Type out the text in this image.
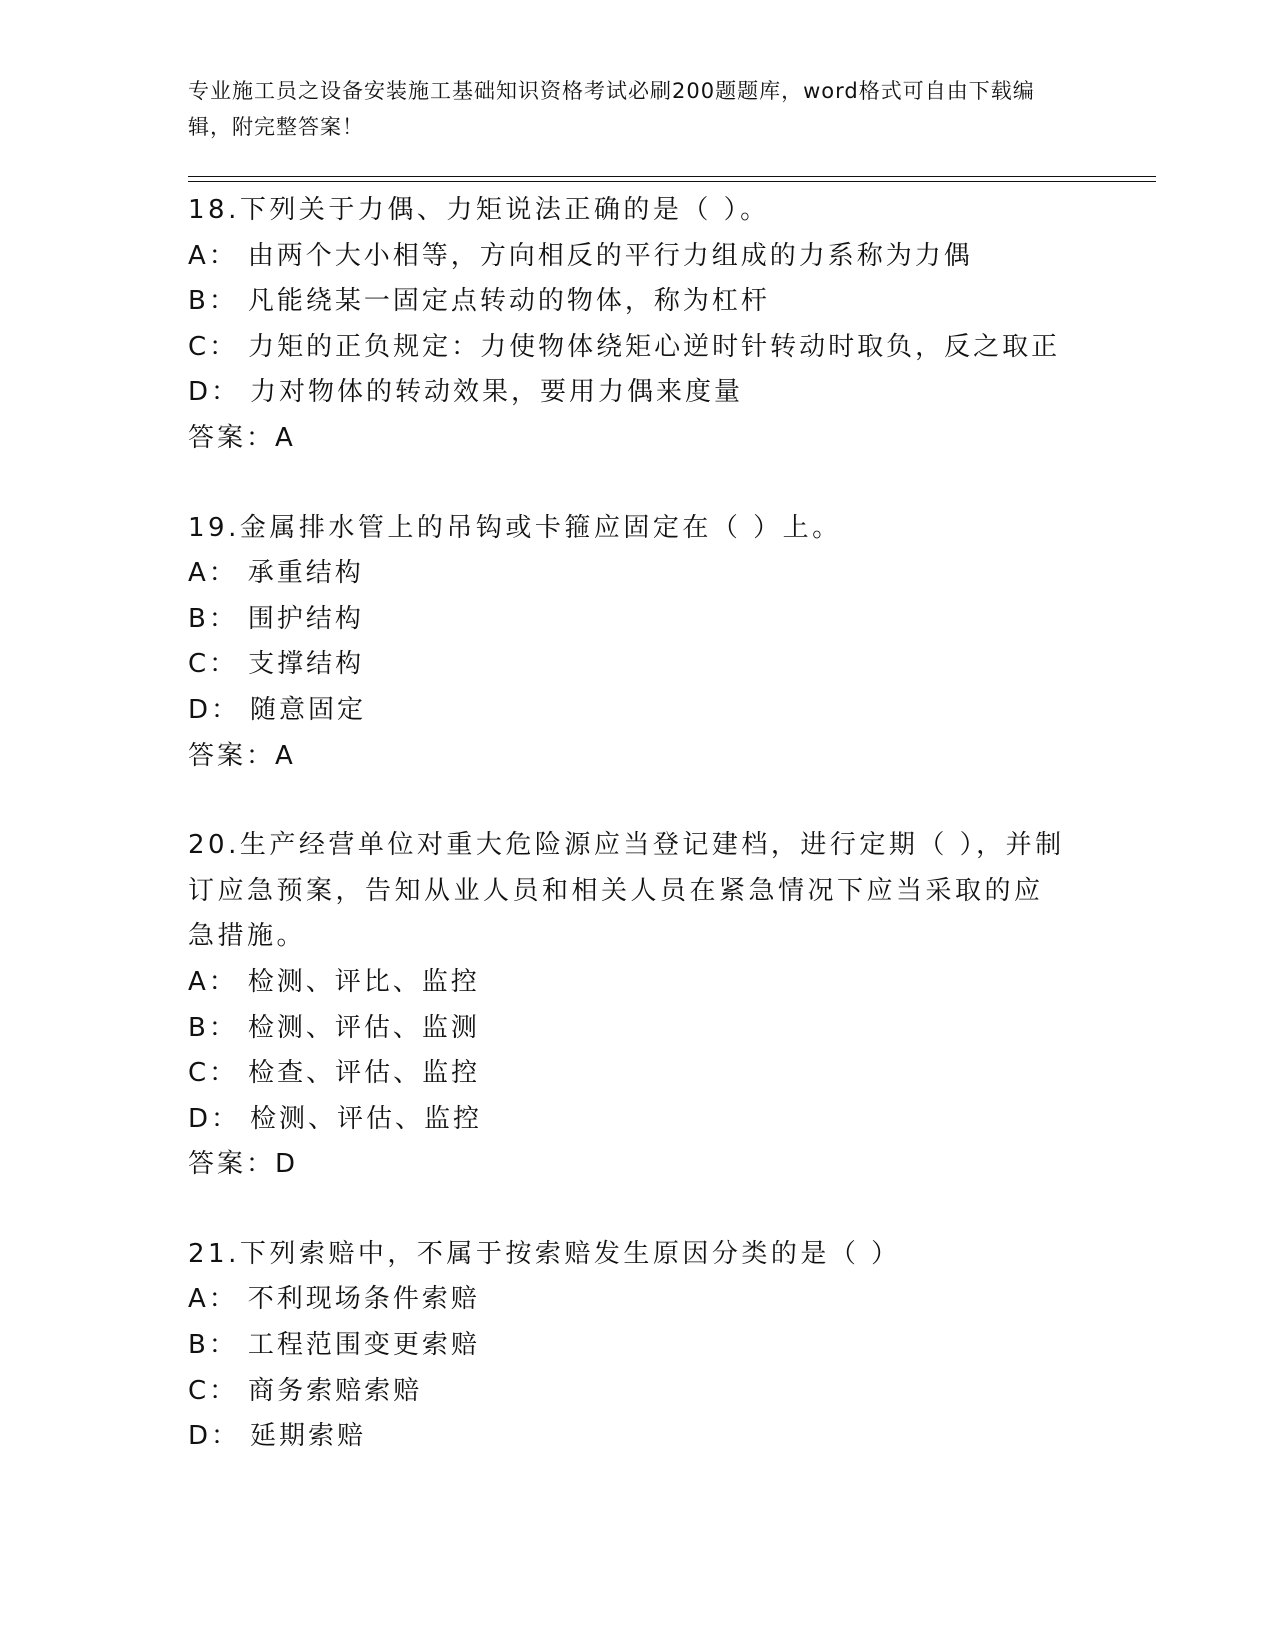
专业施工员之设备安装施工基础知识资格考试必刷200题题库，word格式可自由下载编辑，附完整答案！

18.下列关于力偶、力矩说法正确的是（ ）。

A： 由两个大小相等，方向相反的平行力组成的力系称为力偶

B： 凡能绕某一固定点转动的物体，称为杠杆

C： 力矩的正负规定：力使物体绕矩心逆时针转动时取负，反之取正

D： 力对物体的转动效果，要用力偶来度量

答案：A

19.金属排水管上的吊钩或卡箍应固定在（ ）上。

A： 承重结构

B： 围护结构

C： 支撑结构

D： 随意固定

答案：A

20.生产经营单位对重大危险源应当登记建档，进行定期（ ），并制订应急预案，告知从业人员和相关人员在紧急情况下应当采取的应急措施。

A： 检测、评比、监控

B： 检测、评估、监测

C： 检查、评估、监控

D： 检测、评估、监控

答案：D

21.下列索赔中，不属于按索赔发生原因分类的是（ ）

A： 不利现场条件索赔

B： 工程范围变更索赔

C： 商务索赔索赔

D： 延期索赔
